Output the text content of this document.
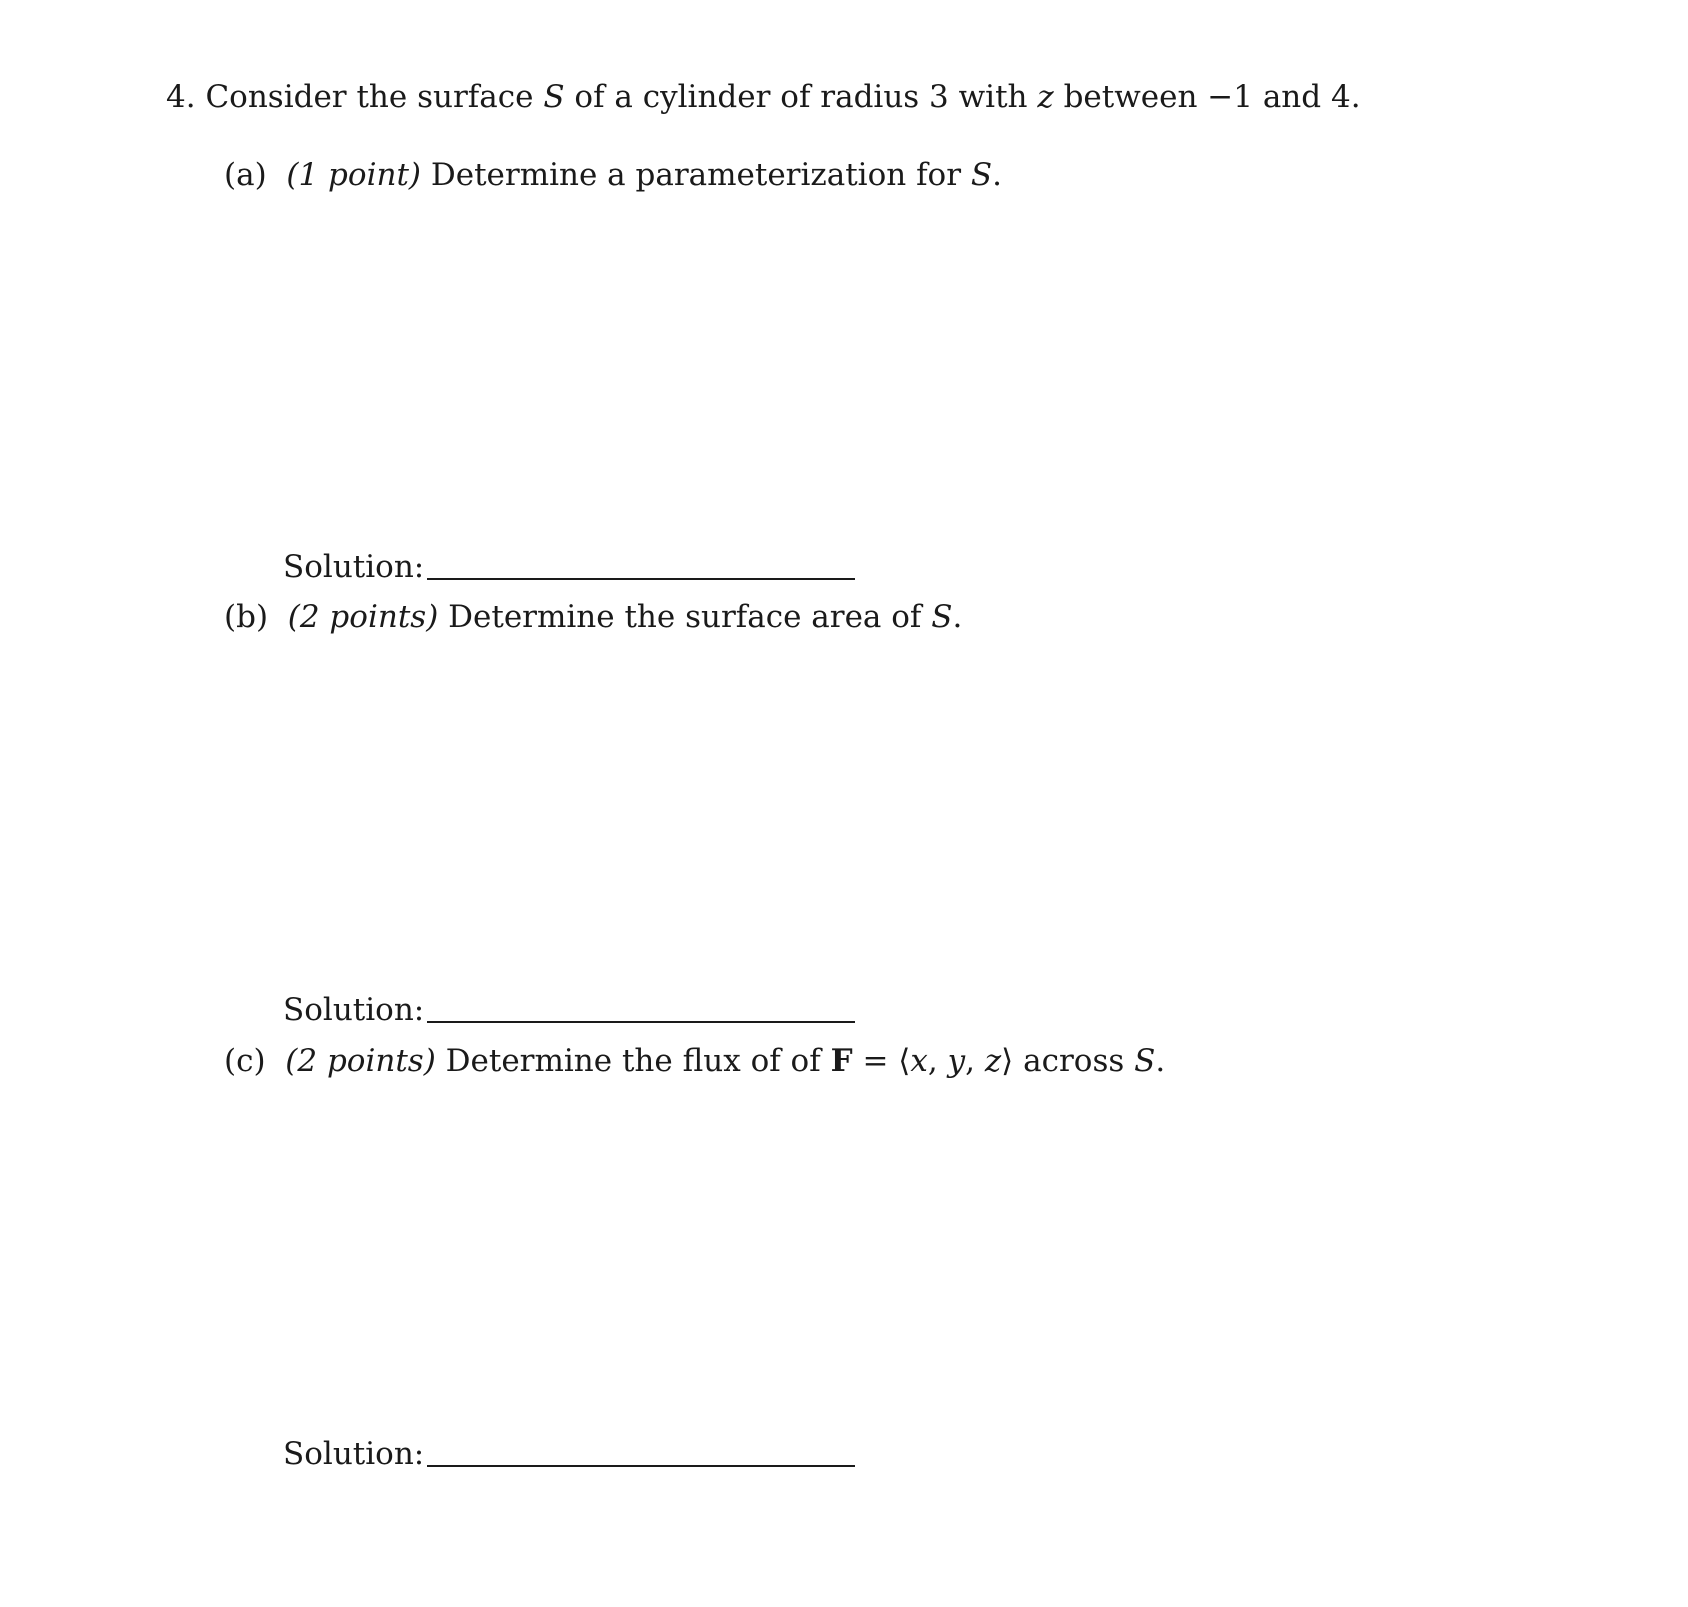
4. Consider the surface S of a cylinder of radius 3 with z between −1 and 4.
(a) (1 point) Determine a parameterization for S.
Solution:
(b) (2 points) Determine the surface area of S.
Solution:
(c) (2 points) Determine the flux of of F = ⟨x, y, z⟩ across S.
Solution:
